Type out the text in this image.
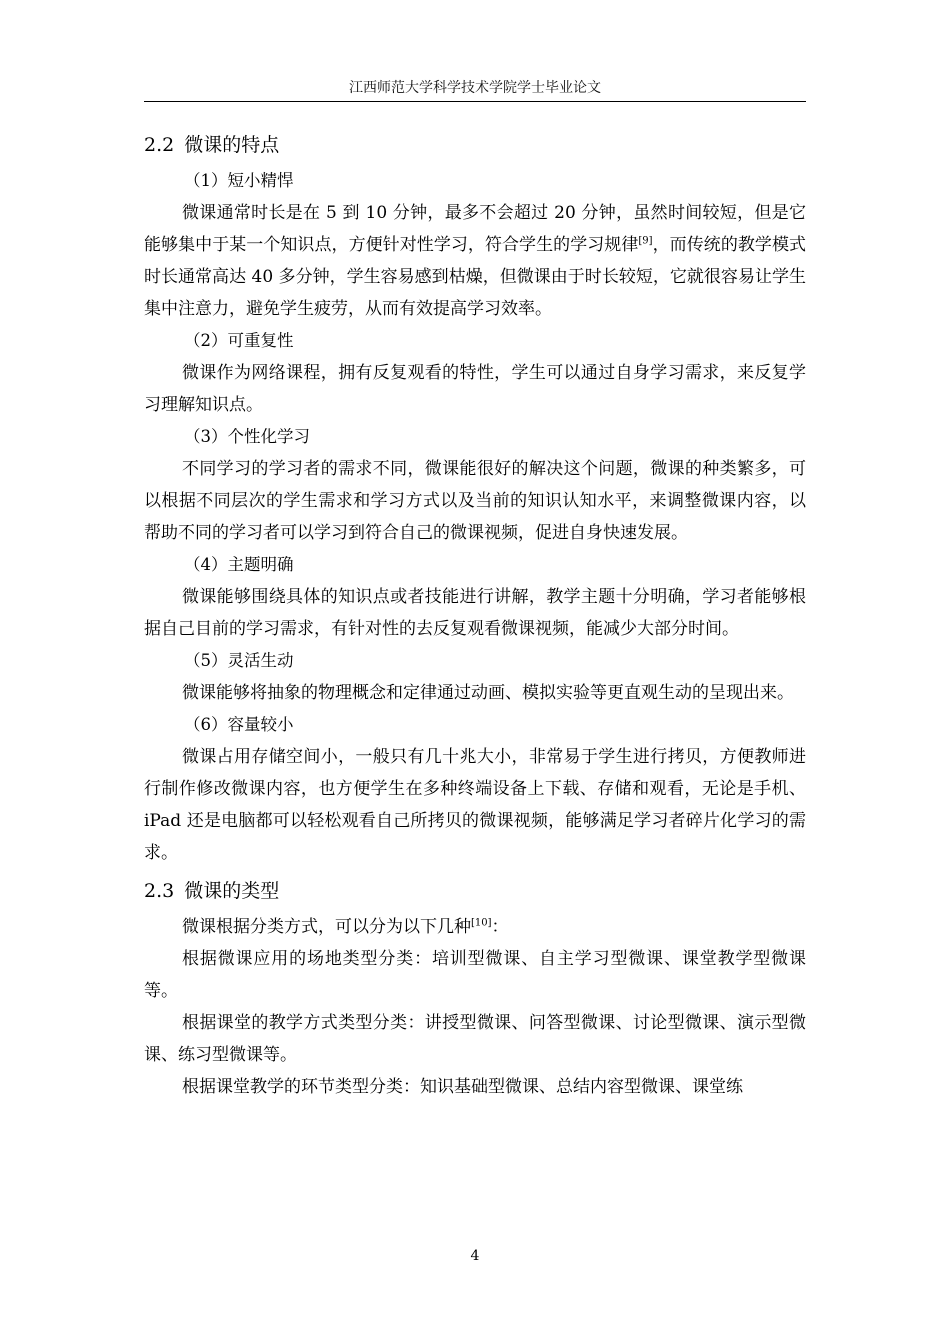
江西师范大学科学技术学院学士毕业论文
2.2 微课的特点
（1）短小精悍

微课通常时长是在 5 到 10 分钟，最多不会超过 20 分钟，虽然时间较短，但是它能够集中于某一个知识点，方便针对性学习，符合学生的学习规律[9]，而传统的教学模式时长通常高达 40 多分钟，学生容易感到枯燥，但微课由于时长较短，它就很容易让学生集中注意力，避免学生疲劳，从而有效提高学习效率。

（2）可重复性

微课作为网络课程，拥有反复观看的特性，学生可以通过自身学习需求，来反复学习理解知识点。

（3）个性化学习

不同学习的学习者的需求不同，微课能很好的解决这个问题，微课的种类繁多，可以根据不同层次的学生需求和学习方式以及当前的知识认知水平，来调整微课内容，以帮助不同的学习者可以学习到符合自己的微课视频，促进自身快速发展。

（4）主题明确

微课能够围绕具体的知识点或者技能进行讲解，教学主题十分明确，学习者能够根据自己目前的学习需求，有针对性的去反复观看微课视频，能减少大部分时间。

（5）灵活生动

微课能够将抽象的物理概念和定律通过动画、模拟实验等更直观生动的呈现出来。

（6）容量较小

微课占用存储空间小，一般只有几十兆大小，非常易于学生进行拷贝，方便教师进行制作修改微课内容，也方便学生在多种终端设备上下载、存储和观看，无论是手机、iPad 还是电脑都可以轻松观看自己所拷贝的微课视频，能够满足学习者碎片化学习的需求。

2.3 微课的类型

微课根据分类方式，可以分为以下几种[10]：

根据微课应用的场地类型分类：培训型微课、自主学习型微课、课堂教学型微课等。

根据课堂的教学方式类型分类：讲授型微课、问答型微课、讨论型微课、演示型微课、练习型微课等。

根据课堂教学的环节类型分类：知识基础型微课、总结内容型微课、课堂练

4
